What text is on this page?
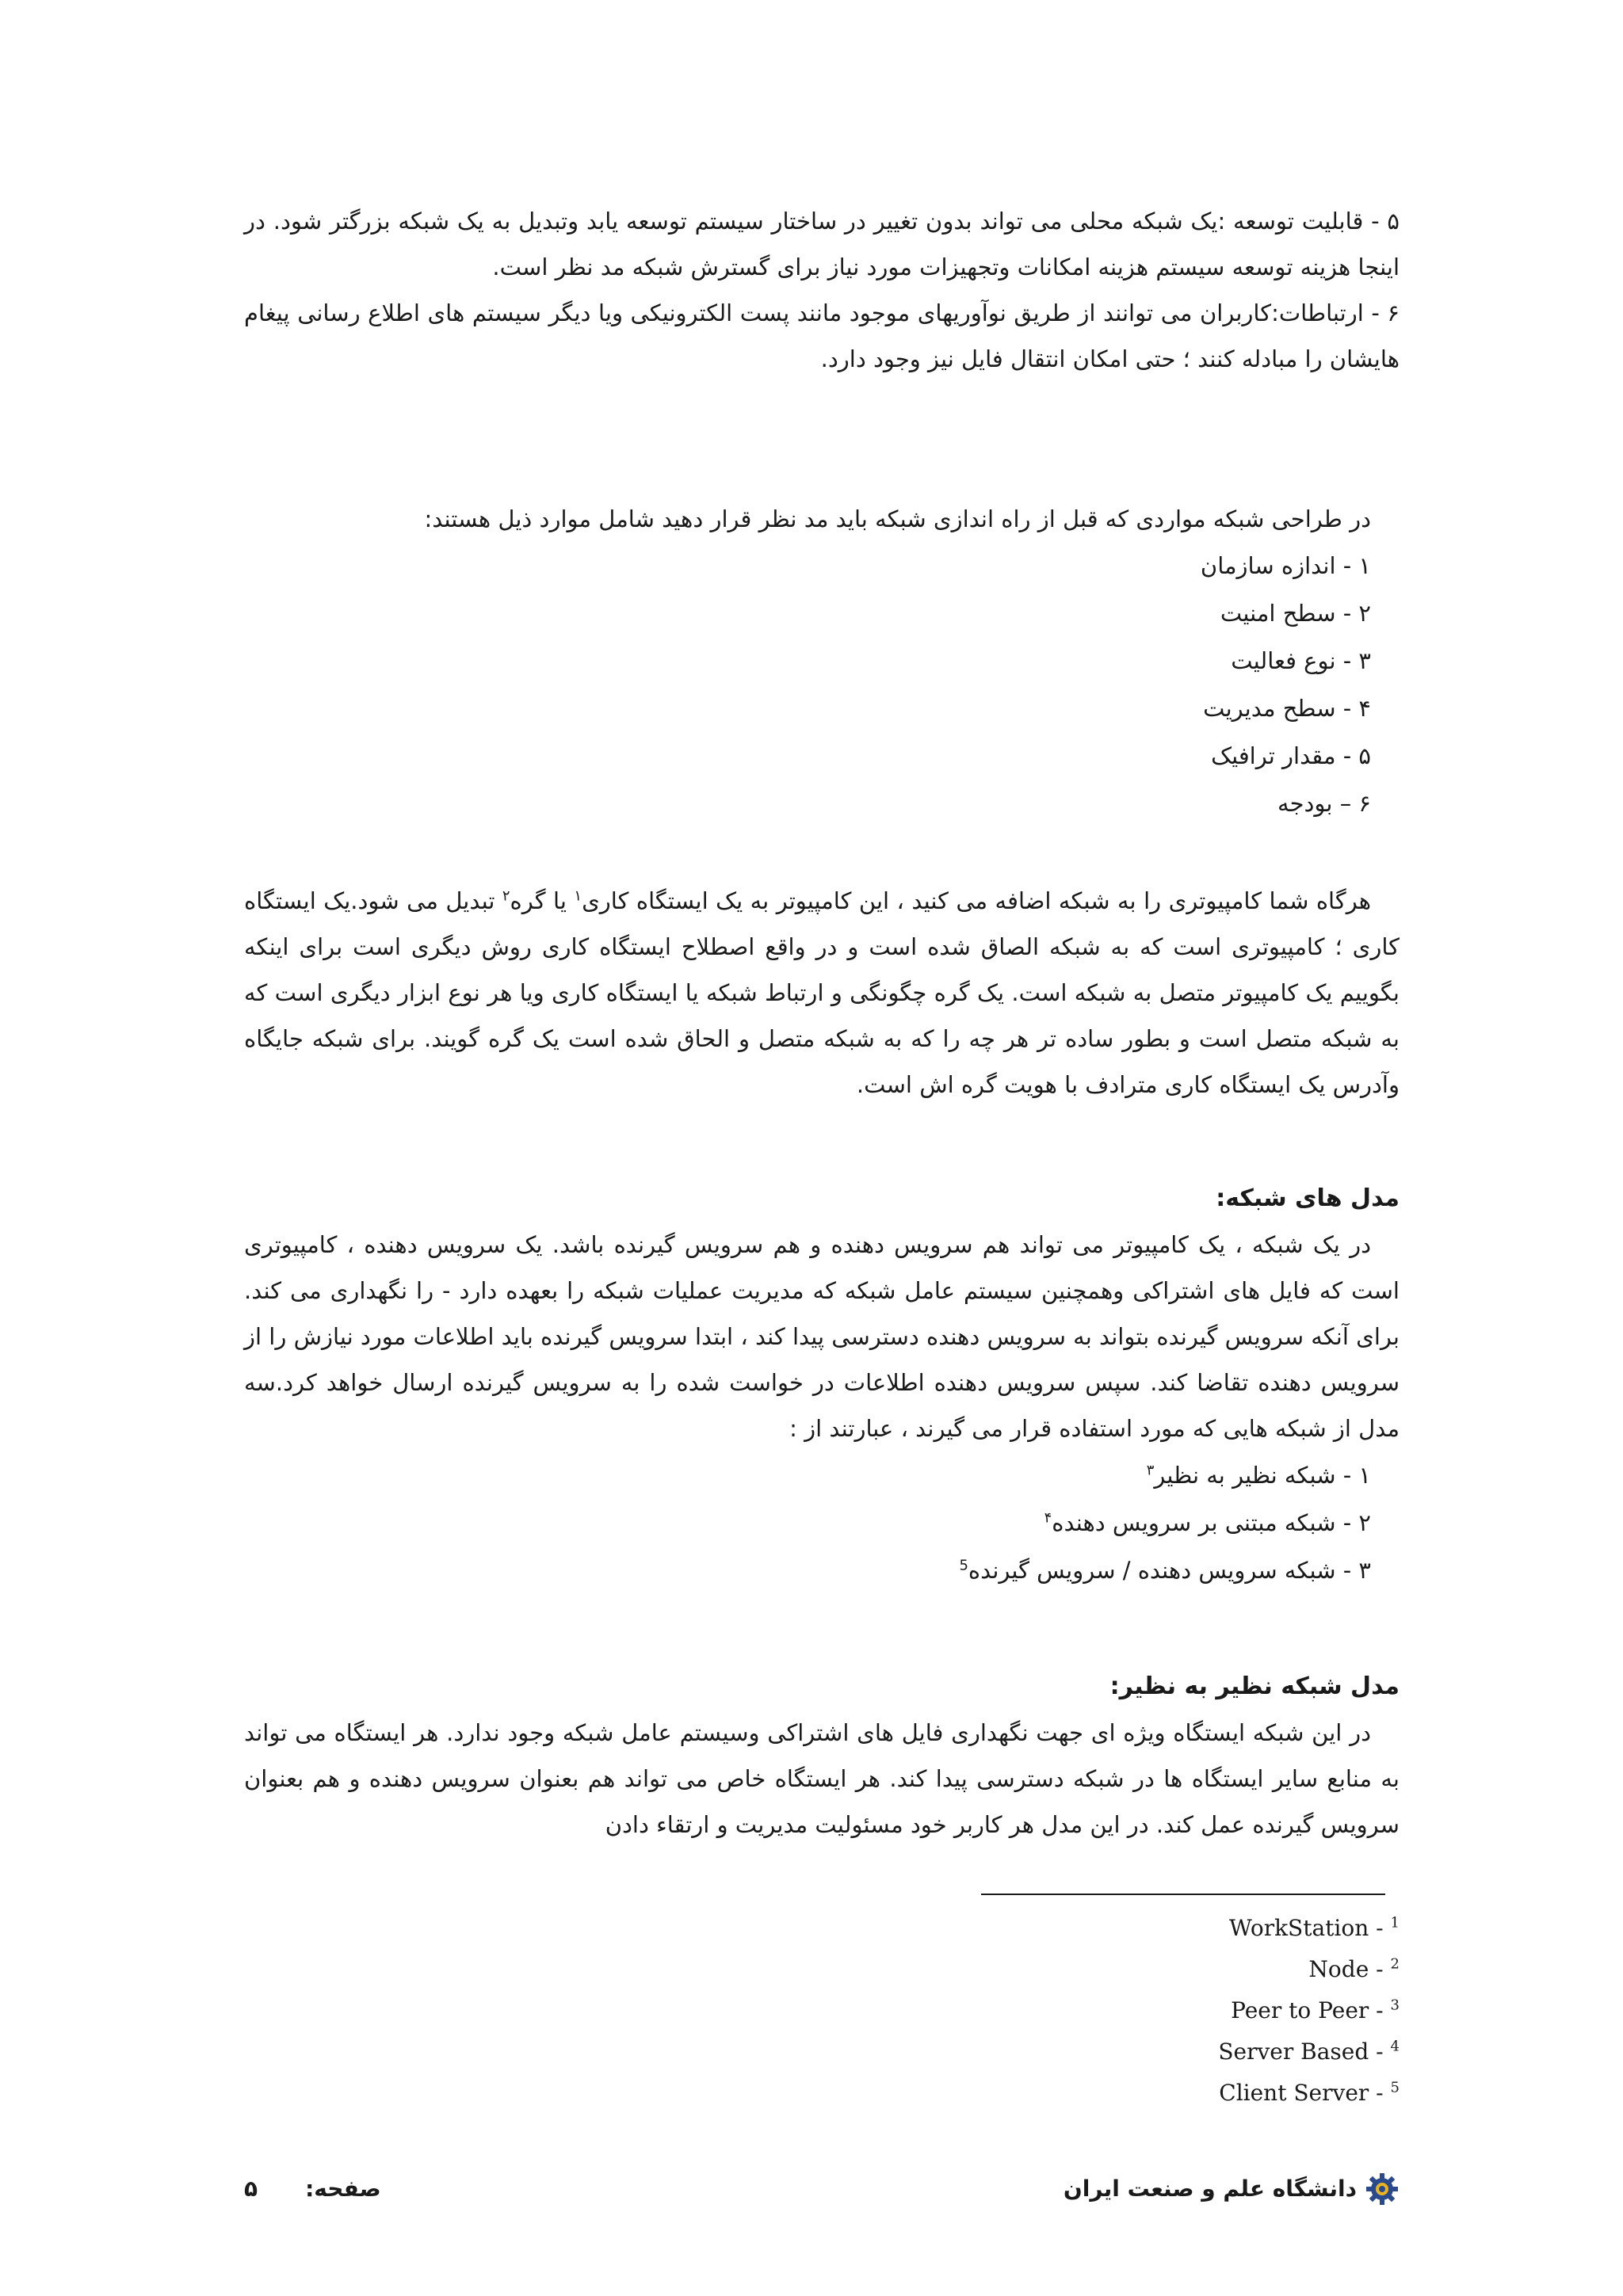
۵ - قابلیت توسعه :یک شبکه محلی می تواند بدون تغییر در ساختار سیستم توسعه یابد وتبدیل به یک شبکه بزرگتر شود. در اینجا هزینه توسعه سیستم هزینه امکانات وتجهیزات مورد نیاز برای گسترش شبکه مد نظر است.

۶ - ارتباطات:کاربران می توانند از طریق نوآوریهای موجود مانند پست الکترونیکی ویا دیگر سیستم های اطلاع رسانی پیغام هایشان را مبادله کنند ؛ حتی امکان انتقال فایل نیز وجود دارد.

در طراحی شبکه مواردی که قبل از راه اندازی شبکه باید مد نظر قرار دهید شامل موارد ذیل هستند:

۱ - اندازه سازمان
۲ - سطح امنیت
۳ - نوع فعالیت
۴ - سطح مدیریت
۵ - مقدار ترافیک
۶ – بودجه

هرگاه شما کامپیوتری را به شبکه اضافه می کنید ، این کامپیوتر به یک ایستگاه کاری$^۱$ یا گره$^۲$ تبدیل می شود.یک ایستگاه کاری ؛ کامپیوتری است که به شبکه الصاق شده است و در واقع اصطلاح ایستگاه کاری روش دیگری است برای اینکه بگوییم یک کامپیوتر متصل به شبکه است. یک گره چگونگی و ارتباط شبکه یا ایستگاه کاری ویا هر نوع ابزار دیگری است که به شبکه متصل است و بطور ساده تر هر چه را که به شبکه متصل و الحاق شده است یک گره گویند. برای شبکه جایگاه وآدرس یک ایستگاه کاری مترادف با هویت گره اش است.

مدل های شبکه:

در یک شبکه ، یک کامپیوتر می تواند هم سرویس دهنده و هم سرویس گیرنده باشد. یک سرویس دهنده ، کامپیوتری است که فایل های اشتراکی وهمچنین سیستم عامل شبکه که مدیریت عملیات شبکه را بعهده دارد - را نگهداری می کند. برای آنکه سرویس گیرنده بتواند به سرویس دهنده دسترسی پیدا کند ، ابتدا سرویس گیرنده باید اطلاعات مورد نیازش را از سرویس دهنده تقاضا کند. سپس سرویس دهنده اطلاعات در خواست شده را به سرویس گیرنده ارسال خواهد کرد.سه مدل از شبکه هایی که مورد استفاده قرار می گیرند ، عبارتند از :

۱ - شبکه نظیر به نظیر$^۳$
۲ - شبکه مبتنی بر سرویس دهنده$^۴$
۳ - شبکه سرویس دهنده / سرویس گیرنده$^5$
مدل شبکه نظیر به نظیر:

در این شبکه ایستگاه ویژه ای جهت نگهداری فایل های اشتراکی وسیستم عامل شبکه وجود ندارد. هر ایستگاه می تواند به منابع سایر ایستگاه ها در شبکه دسترسی پیدا کند. هر ایستگاه خاص می تواند هم بعنوان سرویس دهنده و هم بعنوان سرویس گیرنده عمل کند. در این مدل هر کاربر خود مسئولیت مدیریت و ارتقاء دادن

WorkStation - $^1$
Node - $^2$
Peer to Peer - $^3$
Server Based - $^4$
Client Server - $^5$
دانشگاه علم و صنعت ایران
صفحه:
۵
